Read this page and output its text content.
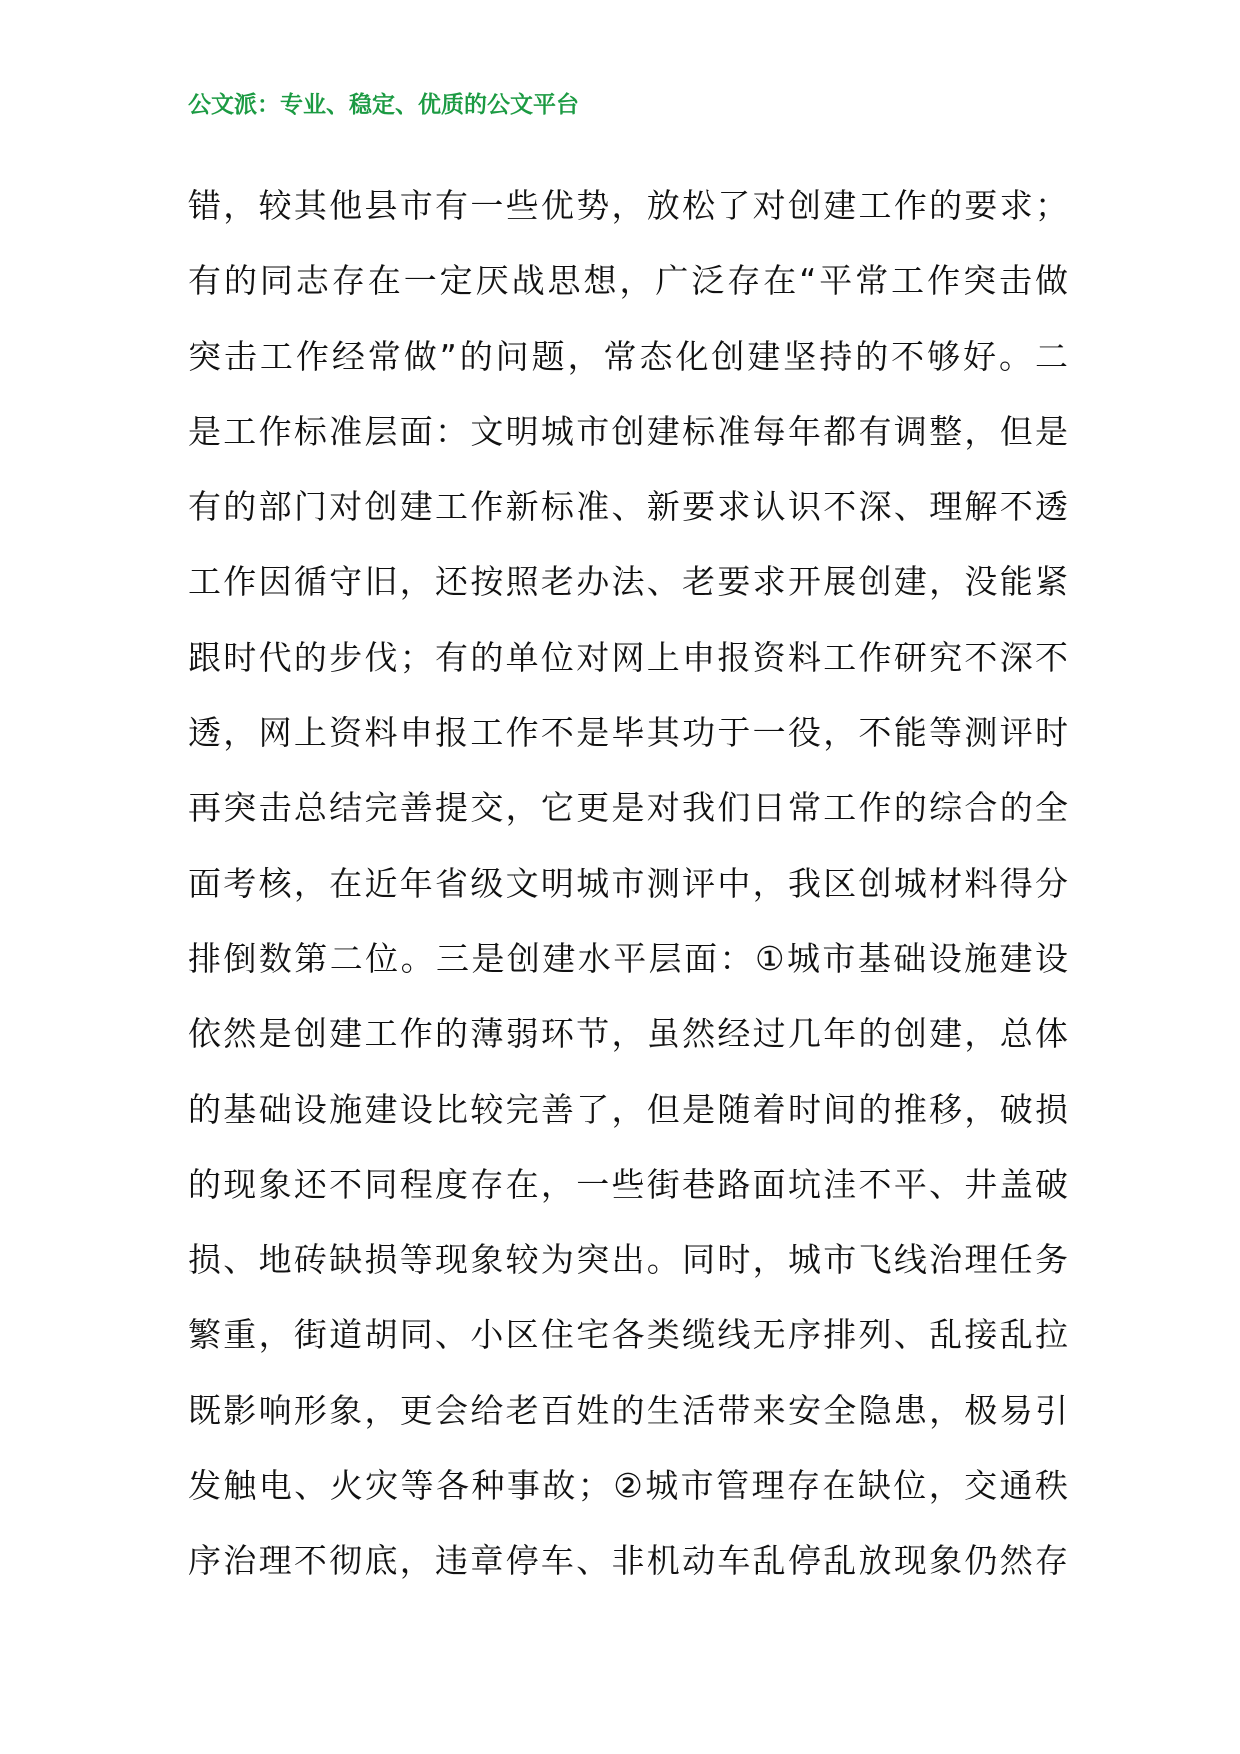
公文派：专业、稳定、优质的公文平台
错，较其他县市有一些优势，放松了对创建工作的要求；
有的同志存在一定厌战思想，广泛存在“平常工作突击做
突击工作经常做”的问题，常态化创建坚持的不够好。二
是工作标准层面：文明城市创建标准每年都有调整，但是
有的部门对创建工作新标准、新要求认识不深、理解不透
工作因循守旧，还按照老办法、老要求开展创建，没能紧
跟时代的步伐；有的单位对网上申报资料工作研究不深不
透，网上资料申报工作不是毕其功于一役，不能等测评时
再突击总结完善提交，它更是对我们日常工作的综合的全
面考核，在近年省级文明城市测评中，我区创城材料得分
排倒数第二位。三是创建水平层面：①城市基础设施建设
依然是创建工作的薄弱环节，虽然经过几年的创建，总体
的基础设施建设比较完善了，但是随着时间的推移，破损
的现象还不同程度存在，一些街巷路面坑洼不平、井盖破
损、地砖缺损等现象较为突出。同时，城市飞线治理任务
繁重，街道胡同、小区住宅各类缆线无序排列、乱接乱拉
既影响形象，更会给老百姓的生活带来安全隐患，极易引
发触电、火灾等各种事故；②城市管理存在缺位，交通秩
序治理不彻底，违章停车、非机动车乱停乱放现象仍然存
